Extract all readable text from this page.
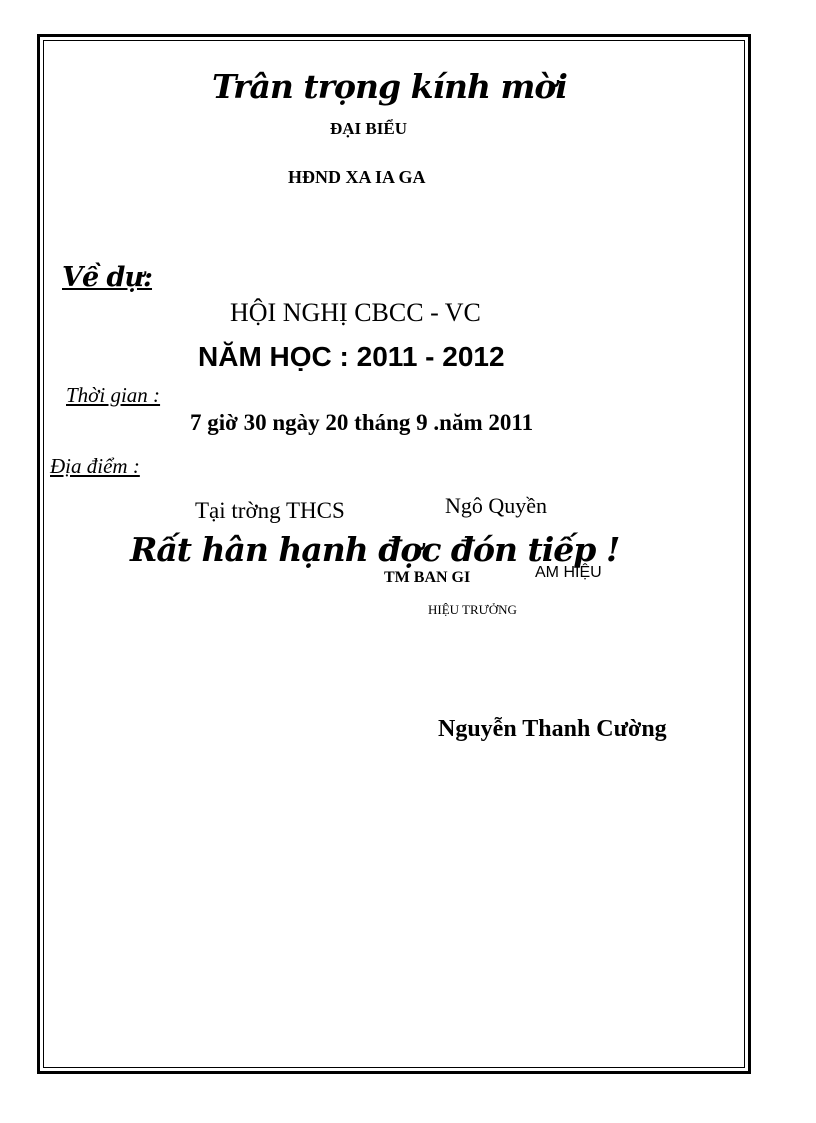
Trân trọng kính mời
ĐẠI BIỂU
HĐND XA IA GA
Về dự:
HỘI NGHỊ CBCC - VC
NĂM HỌC : 2011 - 2012
Thời gian :
7 giờ 30 ngày 20 tháng 9 .năm 2011
Địa điểm :
Tại trờng THCS	Ngô Quyền
Rất hân hạnh đợc đón tiếp !
TM BAN GI	AM HIỆU
HIỆU TRƯỞNG
Nguyễn Thanh Cường
